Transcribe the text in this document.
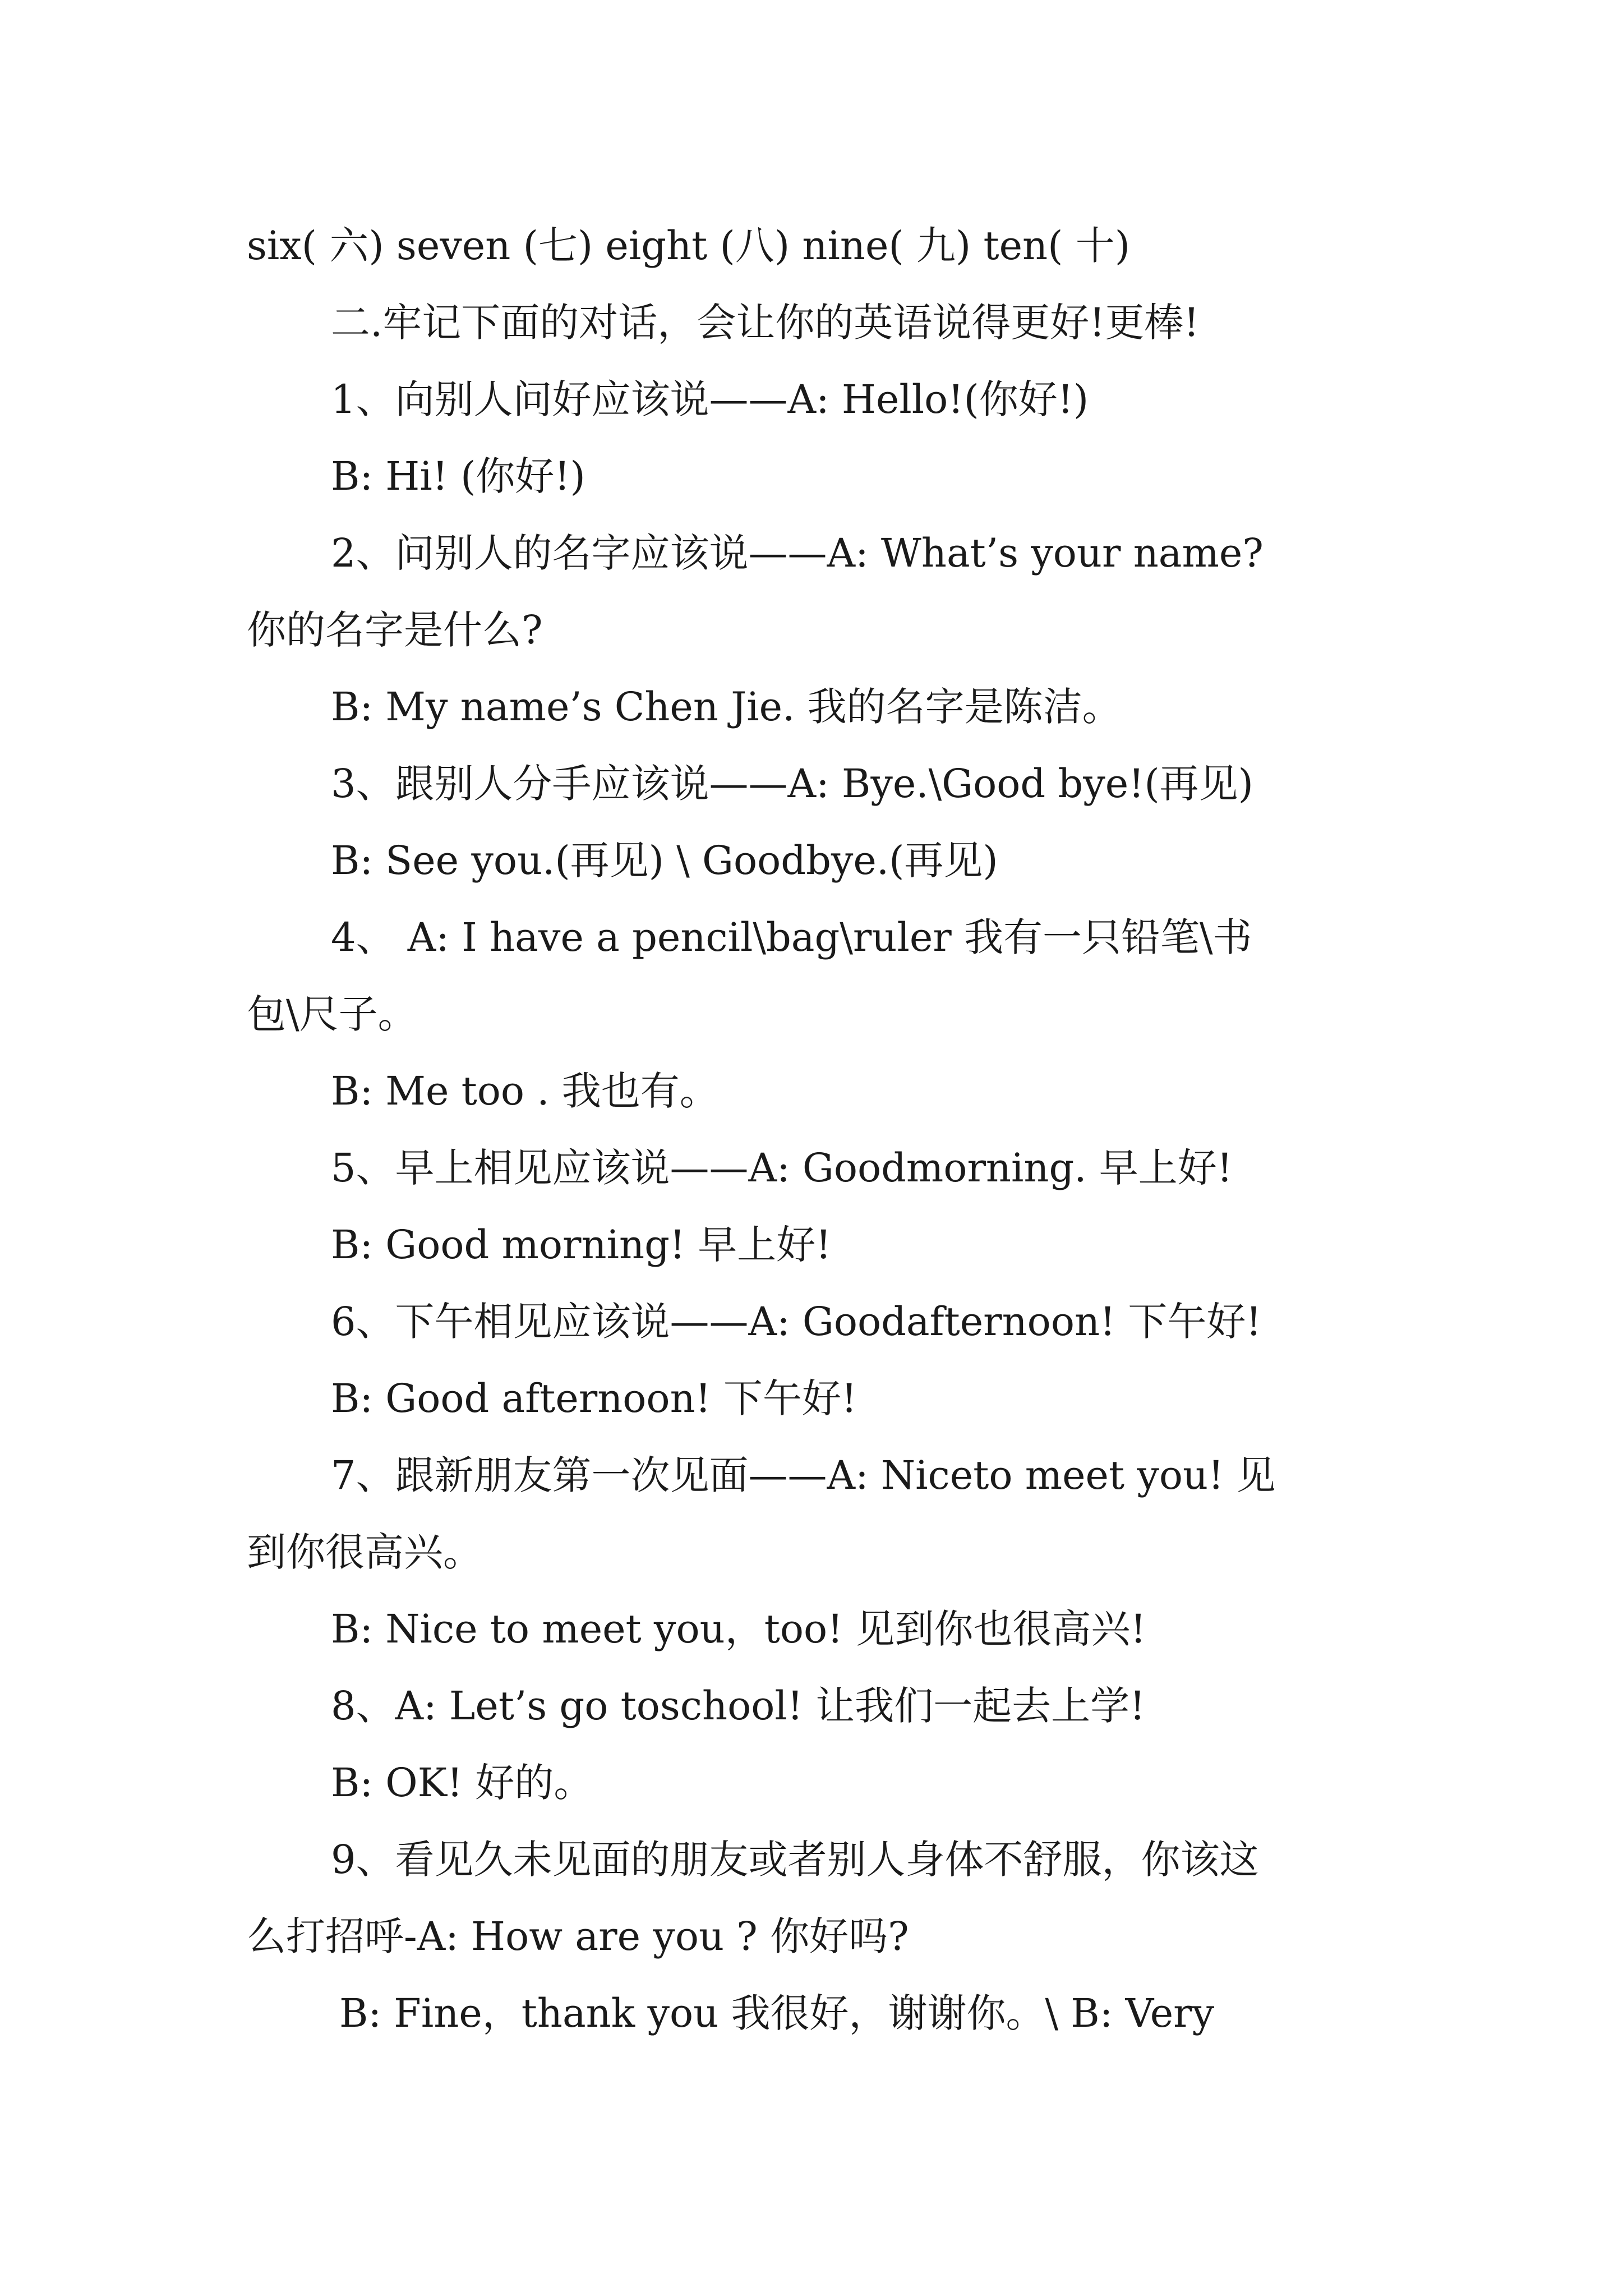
six( 六) seven (七) eight (八) nine( 九) ten( 十)
二.牢记下面的对话，会让你的英语说得更好!更棒!
1、向别人问好应该说——A: Hello!(你好!)
B: Hi! (你好!)
2、问别人的名字应该说——A: What’s your name?
你的名字是什么?
B: My name’s Chen Jie. 我的名字是陈洁。
3、跟别人分手应该说——A: Bye.\Good bye!(再见)
B: See you.(再见) \ Goodbye.(再见)
4、 A: I have a pencil\bag\ruler 我有一只铅笔\书
包\尺子。
B: Me too . 我也有。
5、早上相见应该说——A: Goodmorning. 早上好!
B: Good morning! 早上好!
6、下午相见应该说——A: Goodafternoon! 下午好!
B: Good afternoon! 下午好!
7、跟新朋友第一次见面——A: Niceto meet you! 见
到你很高兴。
B: Nice to meet you，too! 见到你也很高兴!
8、A: Let’s go toschool! 让我们一起去上学!
B: OK! 好的。
9、看见久未见面的朋友或者别人身体不舒服，你该这
么打招呼-A: How are you ? 你好吗?
B: Fine，thank you 我很好，谢谢你。\ B: Very
